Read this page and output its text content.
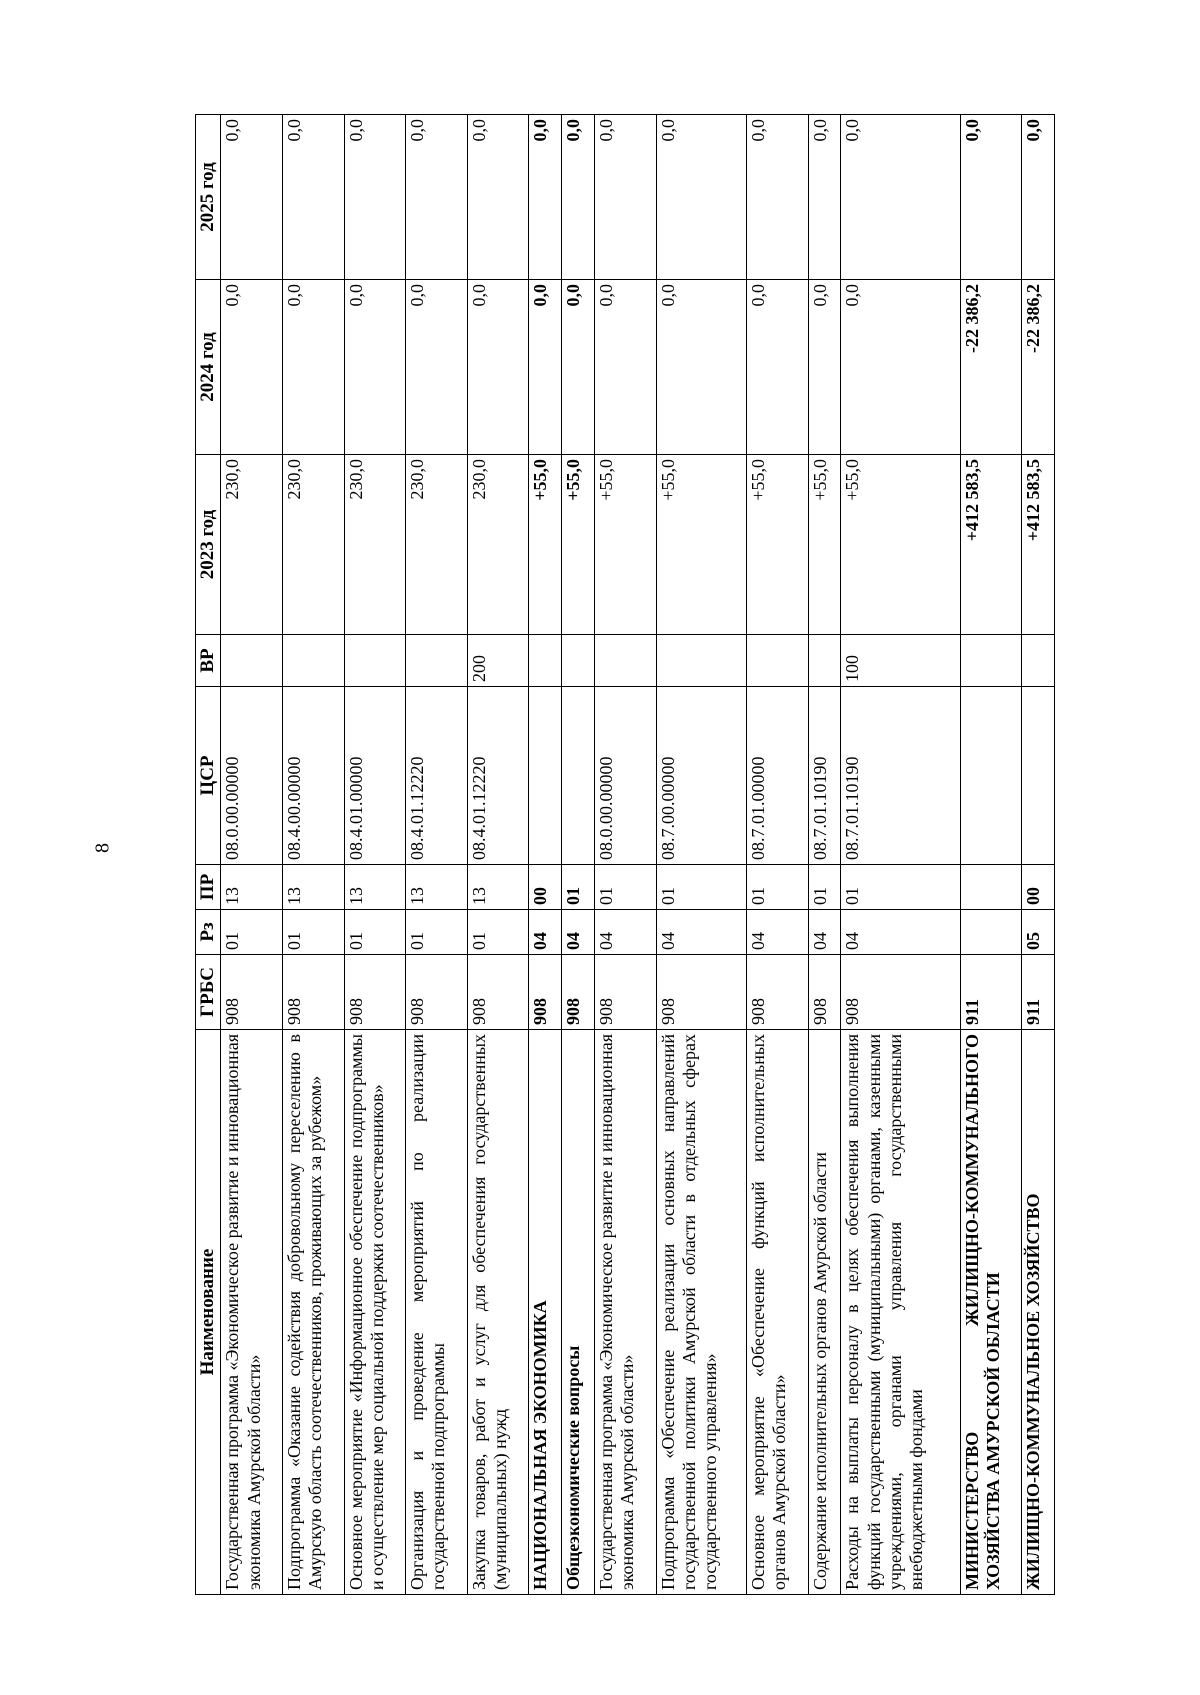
8
Наименование	ГРБС	Рз	ПР	ЦСР	ВР	2023 год	2024 год	2025 год
Государственная программа «Экономическое развитие и инновационная экономика Амурской области»	908	01	13	08.0.00.00000		230,0	0,0	0,0
Подпрограмма «Оказание содействия добровольному переселению в Амурскую область соотечественников, проживающих за рубежом»	908	01	13	08.4.00.00000		230,0	0,0	0,0
Основное мероприятие «Информационное обеспечение подпрограммы и осуществление мер социальной поддержки соотечественников»	908	01	13	08.4.01.00000		230,0	0,0	0,0
Организация и проведение мероприятий по реализации государственной подпрограммы	908	01	13	08.4.01.12220		230,0	0,0	0,0
Закупка товаров, работ и услуг для обеспечения государственных (муниципальных) нужд	908	01	13	08.4.01.12220	200	230,0	0,0	0,0
НАЦИОНАЛЬНАЯ ЭКОНОМИКА	908	04	00			+55,0	0,0	0,0
Общеэкономические вопросы	908	04	01			+55,0	0,0	0,0
Государственная программа «Экономическое развитие и инновационная экономика Амурской области»	908	04	01	08.0.00.00000		+55,0	0,0	0,0
Подпрограмма «Обеспечение реализации основных направлений государственной политики Амурской области в отдельных сферах государственного управления»	908	04	01	08.7.00.00000		+55,0	0,0	0,0
Основное мероприятие «Обеспечение функций исполнительных органов Амурской области»	908	04	01	08.7.01.00000		+55,0	0,0	0,0
Содержание исполнительных органов Амурской области	908	04	01	08.7.01.10190		+55,0	0,0	0,0
Расходы на выплаты персоналу в целях обеспечения выполнения функций государственными (муниципальными) органами, казенными учреждениями, органами управления государственными внебюджетными фондами	908	04	01	08.7.01.10190	100	+55,0	0,0	0,0
МИНИСТЕРСТВО ЖИЛИЩНО-КОММУНАЛЬНОГО ХОЗЯЙСТВА АМУРСКОЙ ОБЛАСТИ	911					+412 583,5	-22 386,2	0,0
ЖИЛИЩНО-КОММУНАЛЬНОЕ ХОЗЯЙСТВО	911	05	00			+412 583,5	-22 386,2	0,0
